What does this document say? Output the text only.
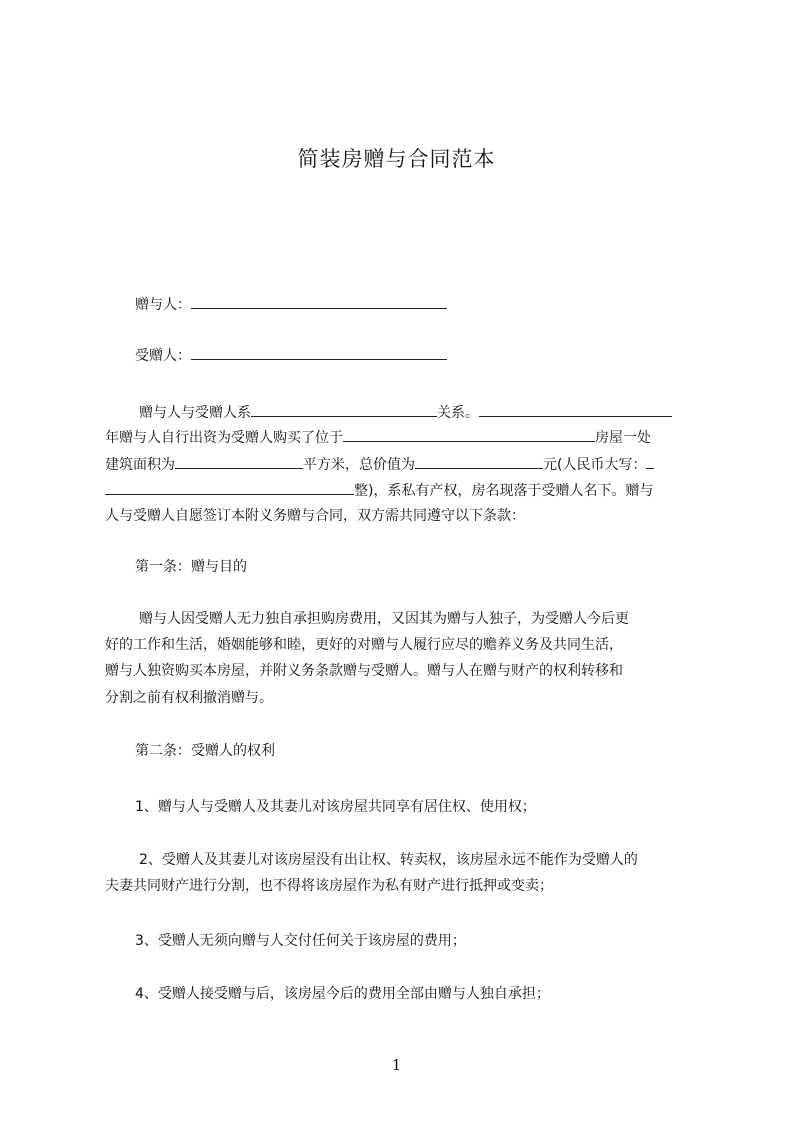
简装房赠与合同范本
赠与人：
受赠人：
赠与人与受赠人系	关系。
年赠与人自行出资为受赠人购买了位于	房屋一处
建筑面积为	平方米，总价值为	元(人民币大写：
整)，系私有产权，房名现落于受赠人名下。赠与
人与受赠人自愿签订本附义务赠与合同，双方需共同遵守以下条款：
第一条：赠与目的
赠与人因受赠人无力独自承担购房费用，又因其为赠与人独子，为受赠人今后更
好的工作和生活，婚姻能够和睦，更好的对赠与人履行应尽的赡养义务及共同生活，
赠与人独资购买本房屋，并附义务条款赠与受赠人。赠与人在赠与财产的权利转移和
分割之前有权利撤消赠与。
第二条：受赠人的权利
1、赠与人与受赠人及其妻儿对该房屋共同享有居住权、使用权；
2、受赠人及其妻儿对该房屋没有出让权、转卖权，该房屋永远不能作为受赠人的
夫妻共同财产进行分割，也不得将该房屋作为私有财产进行抵押或变卖；
3、受赠人无须向赠与人交付任何关于该房屋的费用；
4、受赠人接受赠与后，该房屋今后的费用全部由赠与人独自承担；
1
